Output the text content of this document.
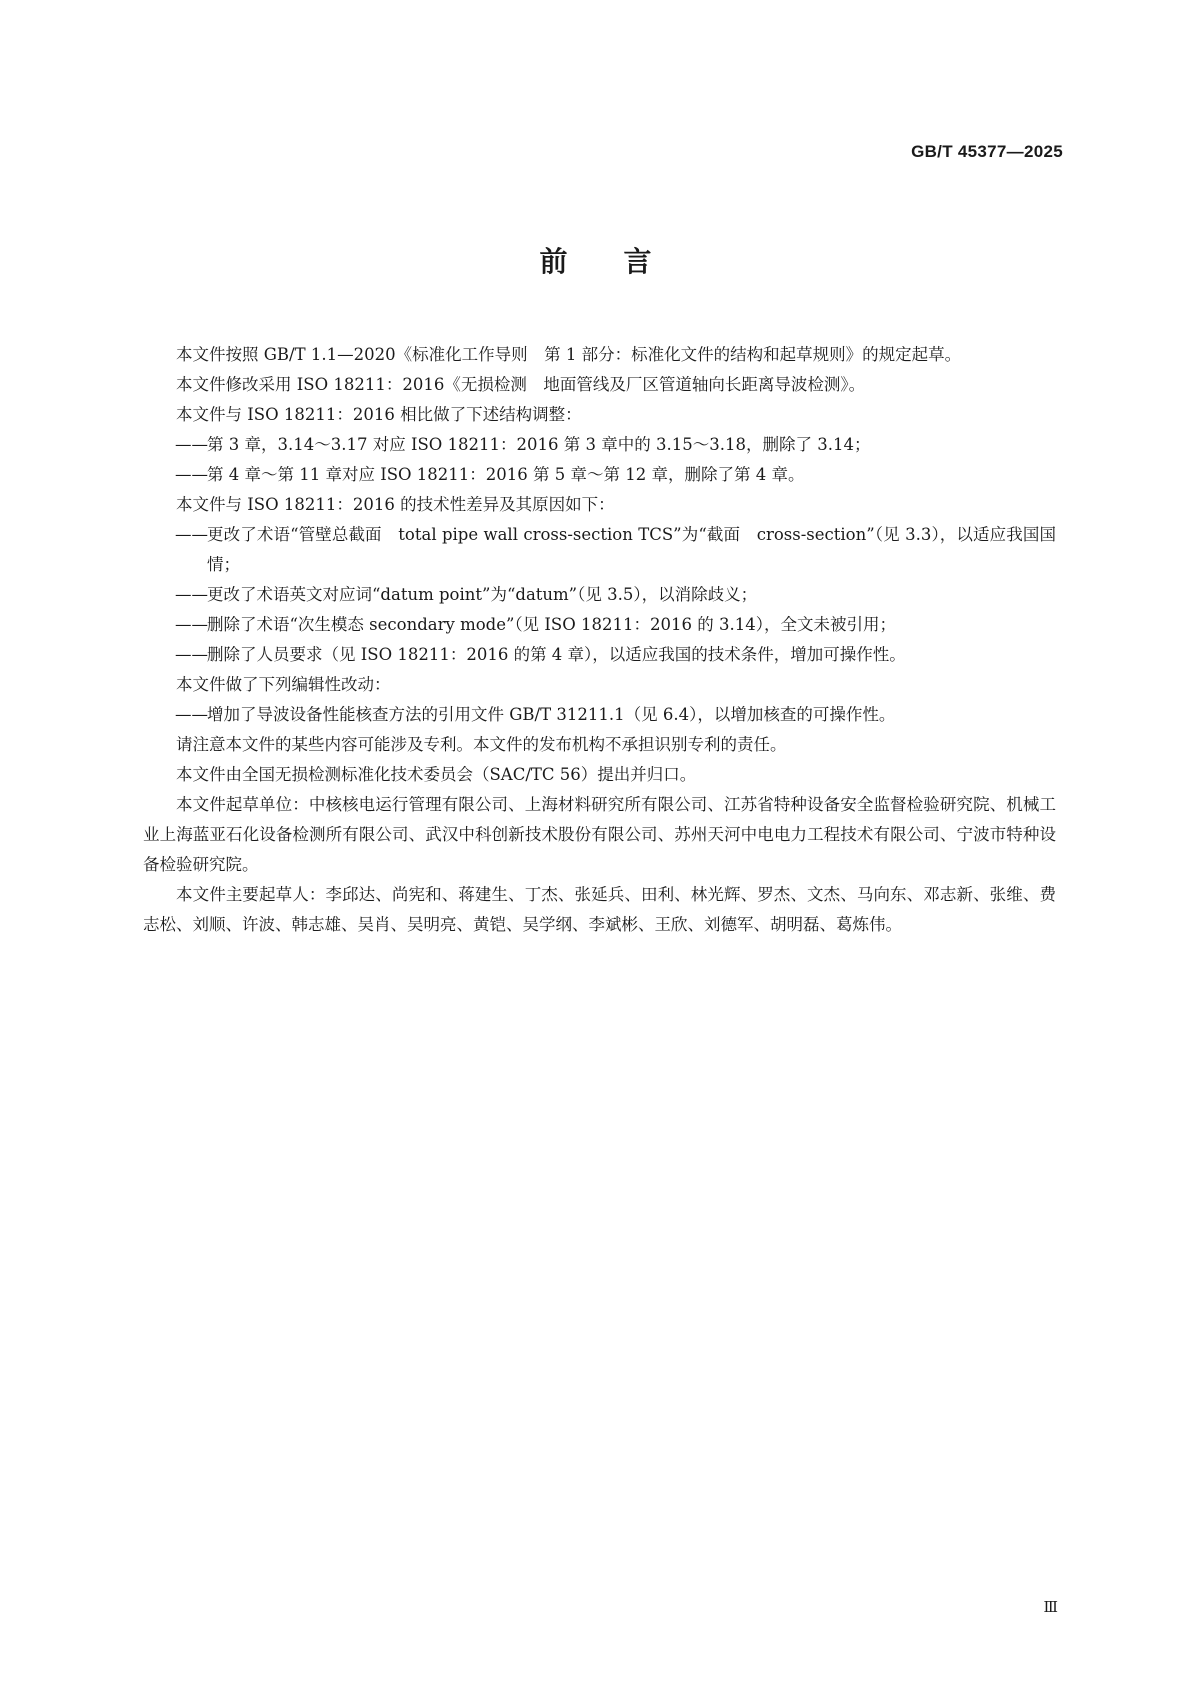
GB/T 45377—2025

前言

本文件按照 GB/T 1.1—2020《标准化工作导则　第 1 部分：标准化文件的结构和起草规则》的规定起草。

本文件修改采用 ISO 18211：2016《无损检测　地面管线及厂区管道轴向长距离导波检测》。

本文件与 ISO 18211：2016 相比做了下述结构调整：

—— 第 3 章，3.14～3.17 对应 ISO 18211：2016 第 3 章中的 3.15～3.18，删除了 3.14；

—— 第 4 章～第 11 章对应 ISO 18211：2016 第 5 章～第 12 章，删除了第 4 章。

本文件与 ISO 18211：2016 的技术性差异及其原因如下：

—— 更改了术语“管壁总截面　total pipe wall cross-section TCS”为“截面　cross-section”（见 3.3），以适应我国国情；

—— 更改了术语英文对应词“datum point”为“datum”（见 3.5），以消除歧义；

—— 删除了术语“次生模态 secondary mode”（见 ISO 18211：2016 的 3.14），全文未被引用；

—— 删除了人员要求（见 ISO 18211：2016 的第 4 章），以适应我国的技术条件，增加可操作性。

本文件做了下列编辑性改动：

—— 增加了导波设备性能核查方法的引用文件 GB/T 31211.1（见 6.4），以增加核查的可操作性。

请注意本文件的某些内容可能涉及专利。本文件的发布机构不承担识别专利的责任。

本文件由全国无损检测标准化技术委员会（SAC/TC 56）提出并归口。

本文件起草单位：中核核电运行管理有限公司、上海材料研究所有限公司、江苏省特种设备安全监督检验研究院、机械工业上海蓝亚石化设备检测所有限公司、武汉中科创新技术股份有限公司、苏州天河中电电力工程技术有限公司、宁波市特种设备检验研究院。

本文件主要起草人：李邱达、尚宪和、蒋建生、丁杰、张延兵、田利、林光辉、罗杰、文杰、马向东、邓志新、张维、费志松、刘顺、许波、韩志雄、吴肖、吴明亮、黄铠、吴学纲、李斌彬、王欣、刘德军、胡明磊、葛炼伟。

Ⅲ
